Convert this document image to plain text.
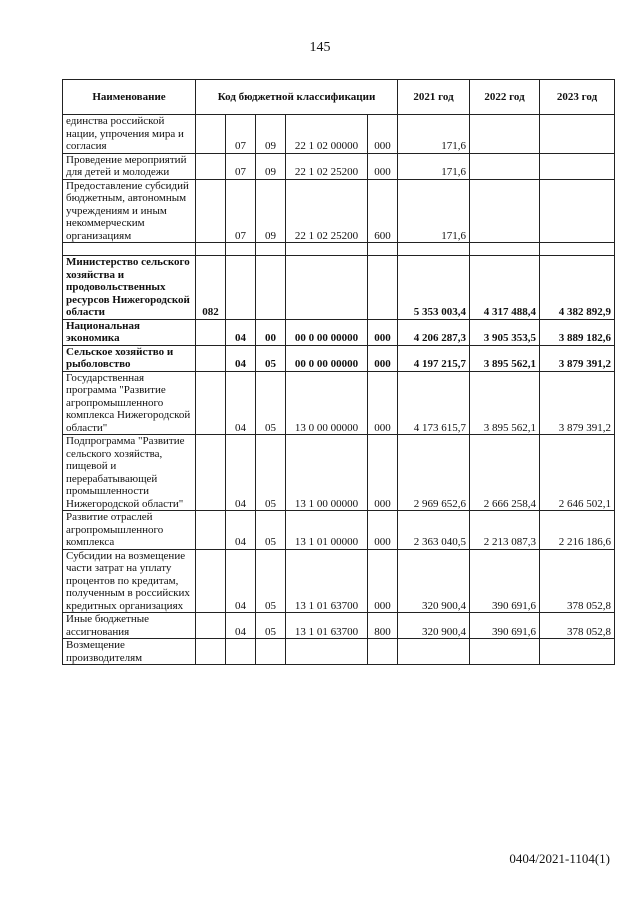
145
Наименование	Код бюджетной классификации					2021 год	2022 год	2023 год
единства российской нации, упрочения мира и согласия		07	09	22 1 02 00000	000	171,6		
Проведение мероприятий для детей и молодежи		07	09	22 1 02 25200	000	171,6		
Предоставление субсидий бюджетным, автономным учреждениям и иным некоммерческим организациям		07	09	22 1 02 25200	600	171,6		

Министерство сельского хозяйства и продовольственных ресурсов Нижегородской области	082					5 353 003,4	4 317 488,4	4 382 892,9
Национальная экономика		04	00	00 0 00 00000	000	4 206 287,3	3 905 353,5	3 889 182,6
Сельское хозяйство и рыболовство		04	05	00 0 00 00000	000	4 197 215,7	3 895 562,1	3 879 391,2
Государственная программа "Развитие агропромышленного комплекса Нижегородской области"		04	05	13 0 00 00000	000	4 173 615,7	3 895 562,1	3 879 391,2
Подпрограмма "Развитие сельского хозяйства, пищевой и перерабатывающей промышленности Нижегородской области"		04	05	13 1 00 00000	000	2 969 652,6	2 666 258,4	2 646 502,1
Развитие отраслей агропромышленного комплекса		04	05	13 1 01 00000	000	2 363 040,5	2 213 087,3	2 216 186,6
Субсидии на возмещение части затрат на уплату процентов по кредитам, полученным в российских кредитных организациях		04	05	13 1 01 63700	000	320 900,4	390 691,6	378 052,8
Иные бюджетные ассигнования		04	05	13 1 01 63700	800	320 900,4	390 691,6	378 052,8
Возмещение производителям								
0404/2021-1104(1)
